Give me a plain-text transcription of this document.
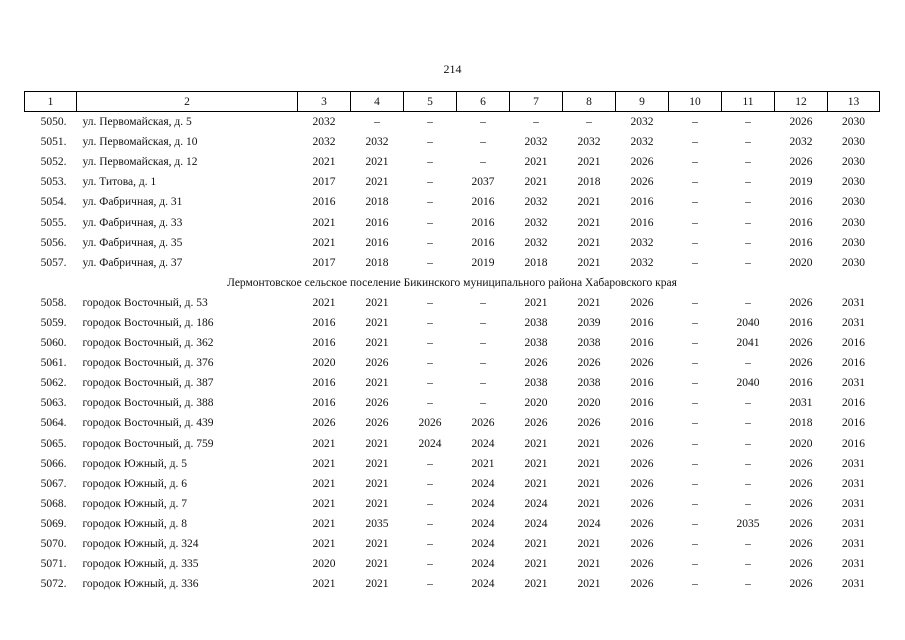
214
1	2	3	4	5	6	7	8	9	10	11	12	13
5050.	ул. Первомайская, д. 5	2032	–	–	–	–	–	2032	–	–	2026	2030
5051.	ул. Первомайская, д. 10	2032	2032	–	–	2032	2032	2032	–	–	2032	2030
5052.	ул. Первомайская, д. 12	2021	2021	–	–	2021	2021	2026	–	–	2026	2030
5053.	ул. Титова, д. 1	2017	2021	–	2037	2021	2018	2026	–	–	2019	2030
5054.	ул. Фабричная, д. 31	2016	2018	–	2016	2032	2021	2016	–	–	2016	2030
5055.	ул. Фабричная, д. 33	2021	2016	–	2016	2032	2021	2016	–	–	2016	2030
5056.	ул. Фабричная, д. 35	2021	2016	–	2016	2032	2021	2032	–	–	2016	2030
5057.	ул. Фабричная, д. 37	2017	2018	–	2019	2018	2021	2032	–	–	2020	2030
Лермонтовское сельское поселение Бикинского муниципального района Хабаровского края												
5058.	городок Восточный, д. 53	2021	2021	–	–	2021	2021	2026	–	–	2026	2031
5059.	городок Восточный, д. 186	2016	2021	–	–	2038	2039	2016	–	2040	2016	2031
5060.	городок Восточный, д. 362	2016	2021	–	–	2038	2038	2016	–	2041	2026	2016
5061.	городок Восточный, д. 376	2020	2026	–	–	2026	2026	2026	–	–	2026	2016
5062.	городок Восточный, д. 387	2016	2021	–	–	2038	2038	2016	–	2040	2016	2031
5063.	городок Восточный, д. 388	2016	2026	–	–	2020	2020	2016	–	–	2031	2016
5064.	городок Восточный, д. 439	2026	2026	2026	2026	2026	2026	2016	–	–	2018	2016
5065.	городок Восточный, д. 759	2021	2021	2024	2024	2021	2021	2026	–	–	2020	2016
5066.	городок Южный, д. 5	2021	2021	–	2021	2021	2021	2026	–	–	2026	2031
5067.	городок Южный, д. 6	2021	2021	–	2024	2021	2021	2026	–	–	2026	2031
5068.	городок Южный, д. 7	2021	2021	–	2024	2024	2021	2026	–	–	2026	2031
5069.	городок Южный, д. 8	2021	2035	–	2024	2024	2024	2026	–	2035	2026	2031
5070.	городок Южный, д. 324	2021	2021	–	2024	2021	2021	2026	–	–	2026	2031
5071.	городок Южный, д. 335	2020	2021	–	2024	2021	2021	2026	–	–	2026	2031
5072.	городок Южный, д. 336	2021	2021	–	2024	2021	2021	2026	–	–	2026	2031
